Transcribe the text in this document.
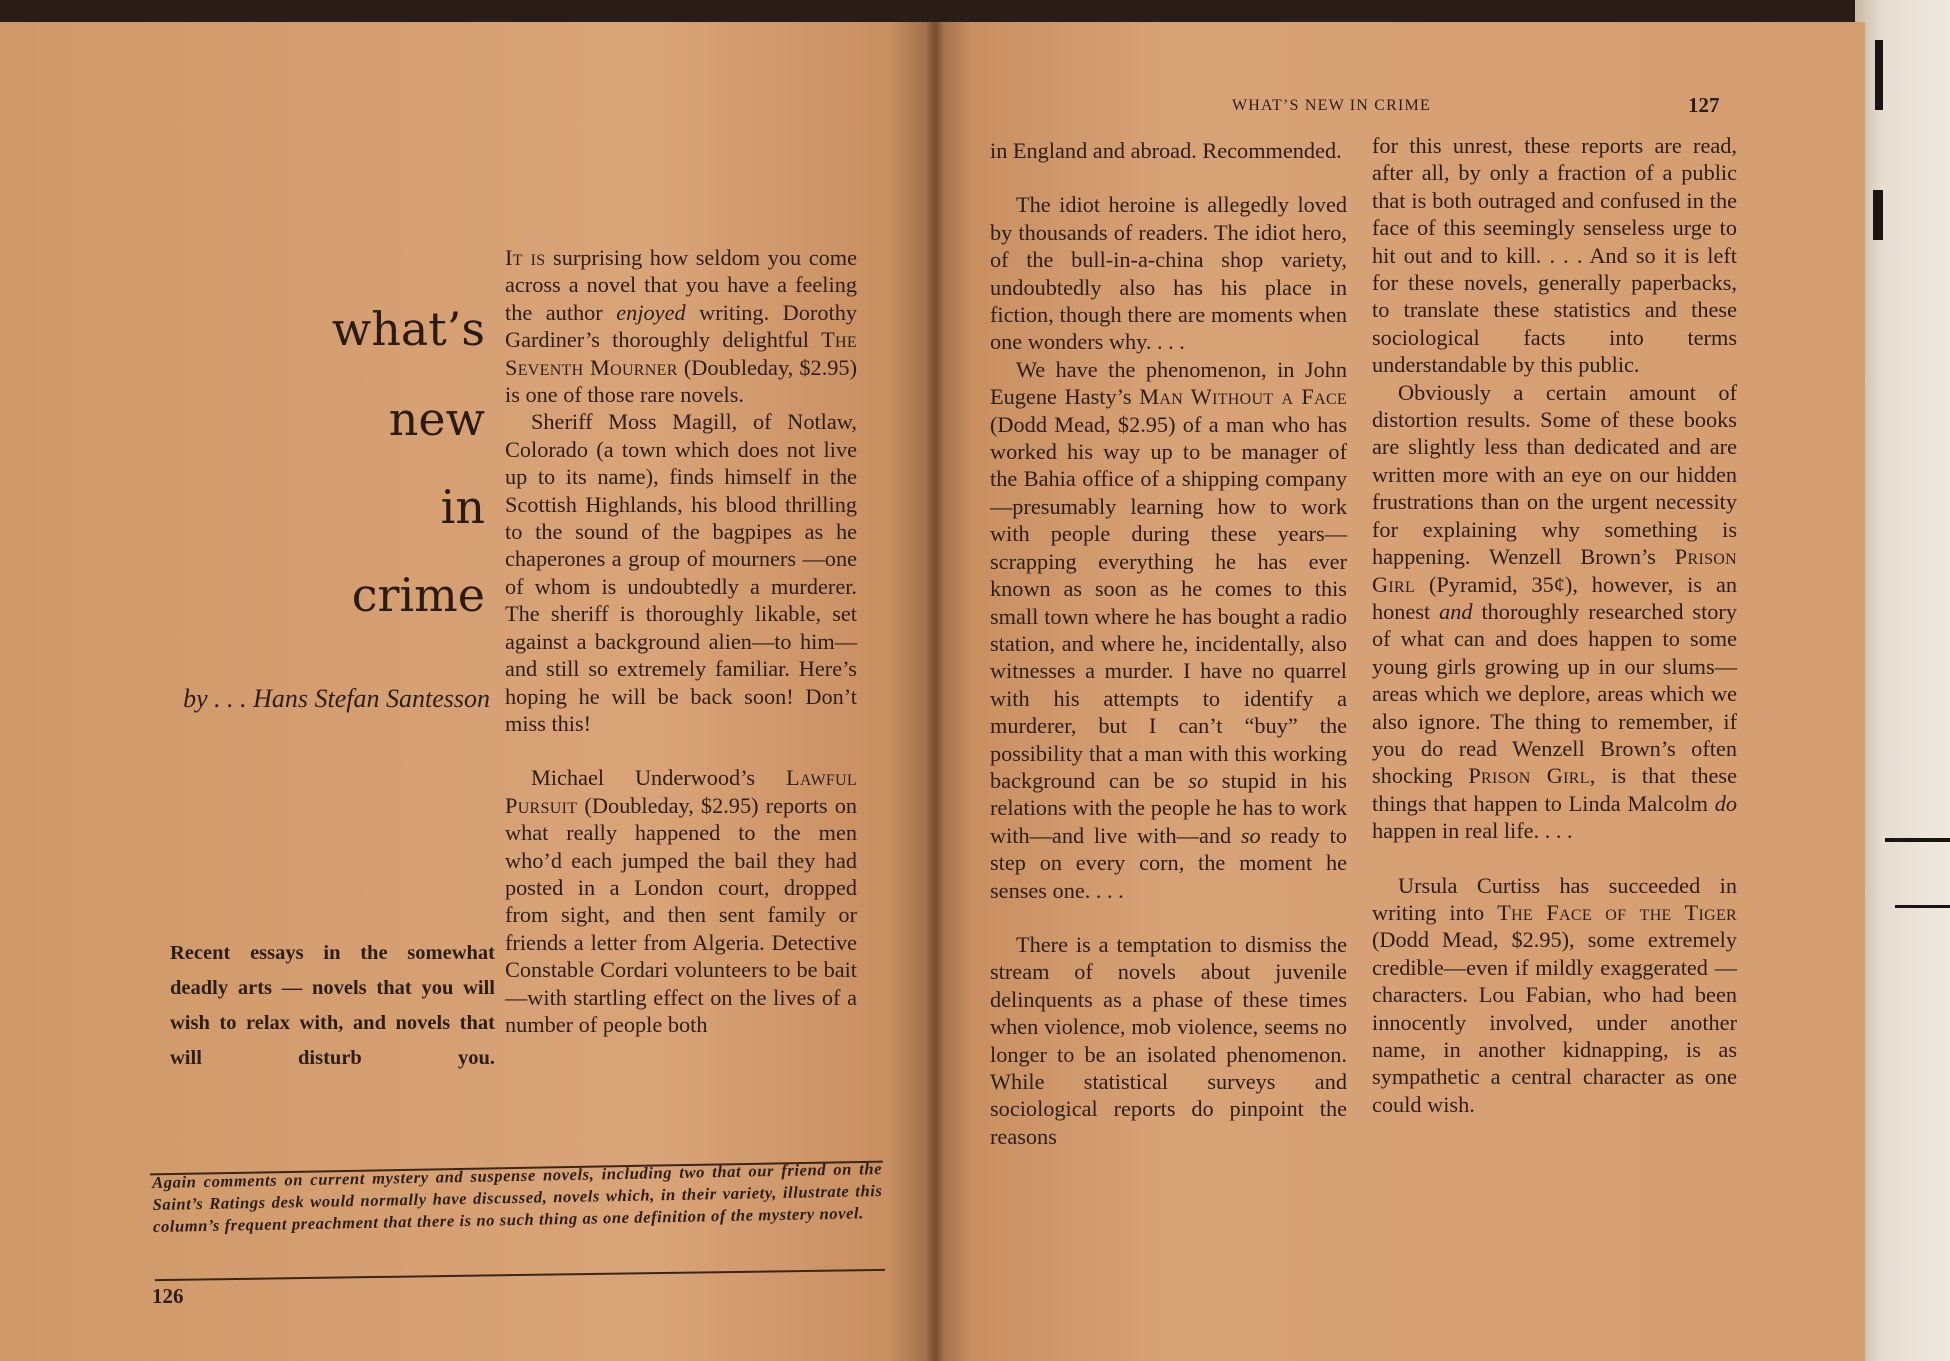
what’s
new
in
crime
by . . . Hans Stefan Santesson

It is surprising how seldom you come across a novel that you have a feeling the author enjoyed writing. Dorothy Gardiner’s thoroughly delightful The Seventh Mourner (Doubleday, $2.95) is one of those rare novels.

Sheriff Moss Magill, of Notlaw, Colorado (a town which does not live up to its name), finds himself in the Scottish Highlands, his blood thrilling to the sound of the bagpipes as he chaperones a group of mourners —one of whom is undoubtedly a murderer. The sheriff is thoroughly likable, set against a background alien—to him—and still so extremely familiar. Here’s hoping he will be back soon! Don’t miss this!

Michael Underwood’s Lawful Pursuit (Doubleday, $2.95) reports on what really happened to the men who’d each jumped the bail they had posted in a London court, dropped from sight, and then sent family or friends a letter from Algeria. Detective Constable Cordari volunteers to be bait—with startling effect on the lives of a number of people both

Recent essays in the somewhat deadly arts — novels that you will wish to relax with, and novels that will disturb you.
Again comments on current mystery and suspense novels, including two that our friend on the Saint’s Ratings desk would normally have discussed, novels which, in their variety, illustrate this column’s frequent preachment that there is no such thing as one definition of the mystery novel.
126
WHAT’S NEW IN CRIME	127

in England and abroad. Recommended.

The idiot heroine is allegedly loved by thousands of readers. The idiot hero, of the bull-in-a-china shop variety, undoubtedly also has his place in fiction, though there are moments when one wonders why. . . .

We have the phenomenon, in John Eugene Hasty’s Man Without a Face (Dodd Mead, $2.95) of a man who has worked his way up to be manager of the Bahia office of a shipping company—presumably learning how to work with people during these years—scrapping everything he has ever known as soon as he comes to this small town where he has bought a radio station, and where he, incidentally, also witnesses a murder. I have no quarrel with his attempts to identify a murderer, but I can’t “buy” the possibility that a man with this working background can be so stupid in his relations with the people he has to work with—and live with—and so ready to step on every corn, the moment he senses one. . . .

There is a temptation to dismiss the stream of novels about juvenile delinquents as a phase of these times when violence, mob violence, seems no longer to be an isolated phenomenon. While statistical surveys and sociological reports do pinpoint the reasons

for this unrest, these reports are read, after all, by only a fraction of a public that is both outraged and confused in the face of this seemingly senseless urge to hit out and to kill. . . . And so it is left for these novels, generally paperbacks, to translate these statistics and these sociological facts into terms understandable by this public.

Obviously a certain amount of distortion results. Some of these books are slightly less than dedicated and are written more with an eye on our hidden frustrations than on the urgent necessity for explaining why something is happening. Wenzell Brown’s Prison Girl (Pyramid, 35¢), however, is an honest and thoroughly researched story of what can and does happen to some young girls growing up in our slums—areas which we deplore, areas which we also ignore. The thing to remember, if you do read Wenzell Brown’s often shocking Prison Girl, is that these things that happen to Linda Malcolm do happen in real life. . . .

Ursula Curtiss has succeeded in writing into The Face of the Tiger (Dodd Mead, $2.95), some extremely credible—even if mildly exaggerated — characters. Lou Fabian, who had been innocently involved, under another name, in another kidnapping, is as sympathetic a central character as one could wish.
